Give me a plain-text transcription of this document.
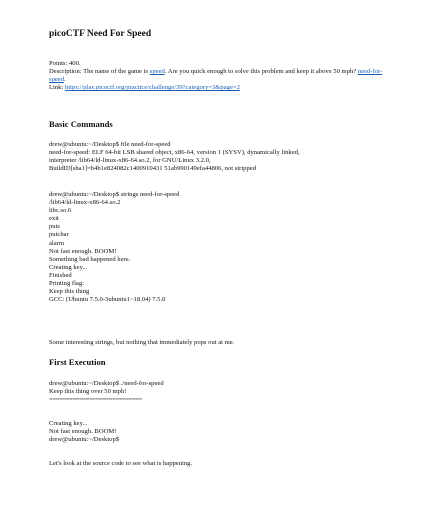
picoCTF Need For Speed
Points: 400.
Description: The name of the game is speed. Are you quick enough to solve this problem and keep it above 50 mph? need-for-speed.
Link: https://play.picoctf.org/practice/challenge/39?category=3&page=2
Basic Commands
drew@ubuntu:~/Desktop$ file need-for-speed
need-for-speed: ELF 64-bit LSB shared object, x86-64, version 1 (SYSV), dynamically linked,
interpreter /lib64/ld-linux-x86-64.so.2, for GNU/Linux 3.2.0,
BuildID[sha1]=b4b1e824082c1400910431 51ab990149efa44806, not stripped
drew@ubuntu:~/Desktop$ strings need-for-speed
/lib64/ld-linux-x86-64.so.2
libc.so.6
exit
puts
putchar
alarm
Not fast enough. BOOM!
Something bad happened here.
Creating key...
Finished
Printing flag:
Keep this thing
GCC: (Ubuntu 7.5.0-3ubuntu1~18.04) 7.5.0
Some interesting strings, but nothing that immediately pops out at me.
First Execution
drew@ubuntu:~/Desktop$ ./need-for-speed
Keep this thing over 50 mph!
============================
Creating key...
Not fast enough. BOOM!
drew@ubuntu:~/Desktop$
Let's look at the source code to see what is happening.
